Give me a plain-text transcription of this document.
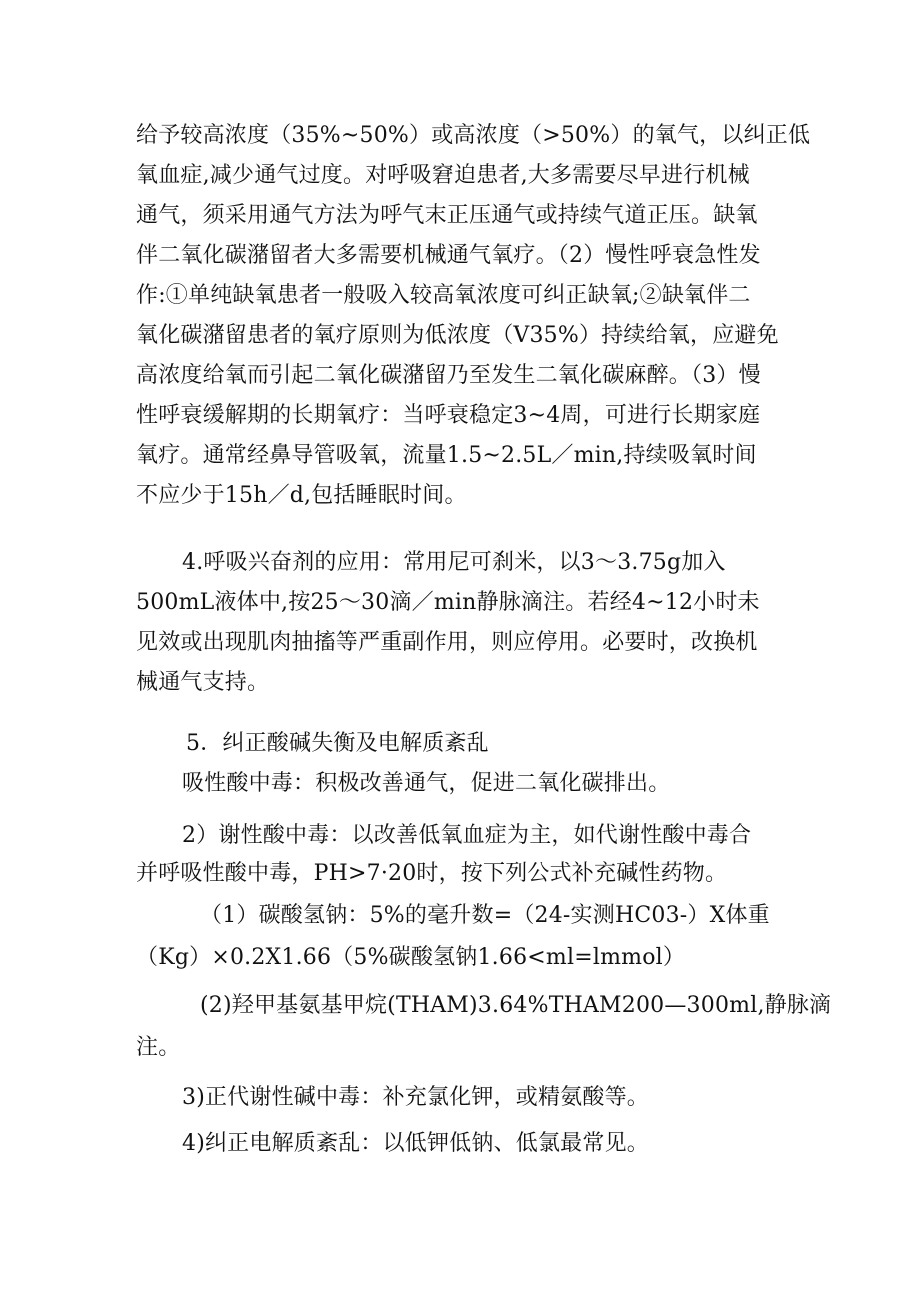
给予较高浓度（35%~50%）或高浓度（>50%）的氧气，以纠正低
氧血症,减少通气过度。对呼吸窘迫患者,大多需要尽早进行机械
通气，须采用通气方法为呼气末正压通气或持续气道正压。缺氧
伴二氧化碳潴留者大多需要机械通气氧疗。（2）慢性呼衰急性发
作:①单纯缺氧患者一般吸入较高氧浓度可纠正缺氧;②缺氧伴二
氧化碳潴留患者的氧疗原则为低浓度（V35%）持续给氧，应避免
高浓度给氧而引起二氧化碳潴留乃至发生二氧化碳麻醉。（3）慢
性呼衰缓解期的长期氧疗：当呼衰稳定3~4周，可进行长期家庭
氧疗。通常经鼻导管吸氧，流量1.5~2.5L／min,持续吸氧时间
不应少于15h／d,包括睡眠时间。
4.呼吸兴奋剂的应用：常用尼可刹米，以3～3.75g加入
500mL液体中,按25～30滴／min静脉滴注。若经4~12小时未
见效或出现肌肉抽搐等严重副作用，则应停用。必要时，改换机
械通气支持。
5．纠正酸碱失衡及电解质紊乱
吸性酸中毒：积极改善通气，促进二氧化碳排出。
2）谢性酸中毒：以改善低氧血症为主，如代谢性酸中毒合
并呼吸性酸中毒，PH>7·20时，按下列公式补充碱性药物。
（1）碳酸氢钠：5%的毫升数=（24-实测HC03-）X体重
（Kg）×0.2X1.66（5%碳酸氢钠1.66<ml=lmmol）
(2)羟甲基氨基甲烷(THAM)3.64%THAM200—300ml,静脉滴
注。
3)正代谢性碱中毒：补充氯化钾，或精氨酸等。
4)纠正电解质紊乱：以低钾低钠、低氯最常见。
